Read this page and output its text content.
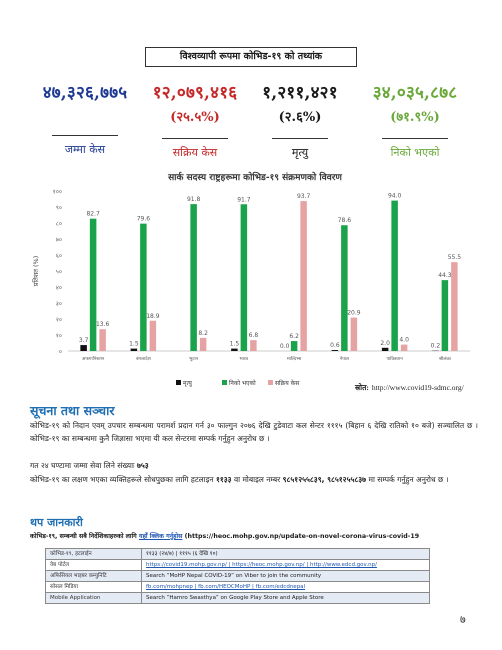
विश्वव्यापी रूपमा कोभिड-१९ को तथ्यांक
४७,३२६,७७५
जम्मा केस
१२,०७९,४१६
(२५.५%)
सक्रिय केस
१,२११,४२१
(२.६%)
मृत्यु
३४,०३५,८७८
(७१.९%)
निको भएको
सार्क सदस्य राष्ट्रहरूमा कोभिड-१९ संक्रमणको विवरण
०
१०
२०
३०
४०
५०
६०
७०
८०
९०
१००
प्रतिशत (%)
3.7
82.7
13.6
अफगानिस्तान
1.5
79.6
18.9
बंगलादेश
91.8
8.2
भुटान
1.5
91.7
6.8
भारत
0.0
6.2
93.7
माल्दिभ्स
0.6
78.6
20.9
नेपाल
2.0
94.0
4.0
पाकिस्तान
0.2
44.3
55.5
श्रीलंका
मृत्यु	निको भएको	सक्रिय केस	स्रोत: http://www.covid19-sdmc.org/
सूचना तथा सञ्चार
कोभिड-१९ को निदान एवम् उपचार सम्बन्धमा परामर्श प्रदान गर्न ३० फाल्गुन २०७६ देखि टुडेवाटा कल सेन्टर १११५ (बिहान ६ देखि रातिको १० बजे) सञ्चालित छ । कोभिड-१९ का सम्बन्धमा कुनै जिज्ञासा भएमा यी कल सेन्टरमा सम्पर्क गर्नुहुन अनुरोध छ ।
गत २४ घण्टामा जम्मा सेवा लिने संख्याः ७५३
कोभिड-१९ का लक्षण भएका व्यक्तिहरूले सोधपुछका लागि हटलाइन ११३३ वा मोबाइल नम्बर ९८५१२५५८३९, ९८५१२५५८३७ मा सम्पर्क गर्नुहुन अनुरोध छ ।
थप जानकारी
कोभिड-१९, सम्बन्धी सबै निर्देशिकाहरुको लागि यहाँ क्लिक गर्नुहोस (https://heoc.mohp.gov.np/update-on-novel-corona-virus-covid-19
कोभिड-१९, हटलाईन	११३३ (२४/७) | १११५ (६ देखि १०)
वेब पोर्टल	https://covid19.mohp.gov.np/ | https://heoc.mohp.gov.np/ | http://www.edcd.gov.np/
अफिसियल भाइबर कम्युनिटि	Search “MoHP Nepal COVID-19” on Viber to join the community
सोसल मिडिया	fb.com/mohpnep | fb.com/HEOCMoHP | fb.com/edcdnepal
Mobile Application	Search “Hamro Swasthya” on Google Play Store and Apple Store
७
